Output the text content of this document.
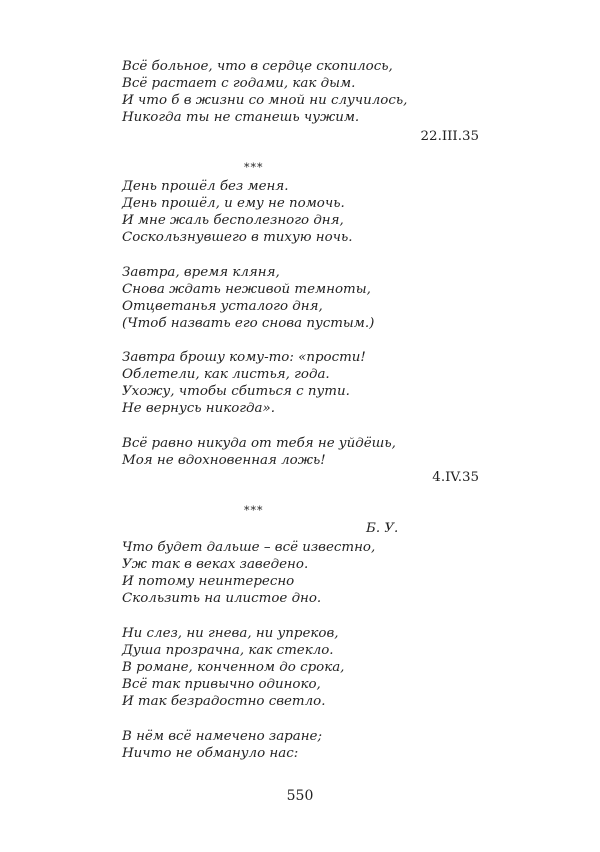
Всё больное, что в сердце скопилось,
Всё растает с годами, как дым.
И что б в жизни со мной ни случилось,
Никогда ты не станешь чужим.
22.III.35
***
День прошёл без меня.
День прошёл, и ему не помочь.
И мне жаль бесполезного дня,
Соскользнувшего в тихую ночь.
Завтра, время кляня,
Снова ждать неживой темноты,
Отцветанья усталого дня,
(Чтоб назвать его снова пустым.)
Завтра брошу кому-то: «прости!
Облетели, как листья, года.
Ухожу, чтобы сбиться с пути.
Не вернусь никогда».
Всё равно никуда от тебя не уйдёшь,
Моя не вдохновенная ложь!
4.IV.35
***
Б. У.
Что будет дальше – всё известно,
Уж так в веках заведено.
И потому неинтересно
Скользить на илистое дно.
Ни слез, ни гнева, ни упреков,
Душа прозрачна, как стекло.
В романе, конченном до срока,
Всё так привычно одиноко,
И так безрадостно светло.
В нём всё намечено заране;
Ничто не обмануло нас:
550
